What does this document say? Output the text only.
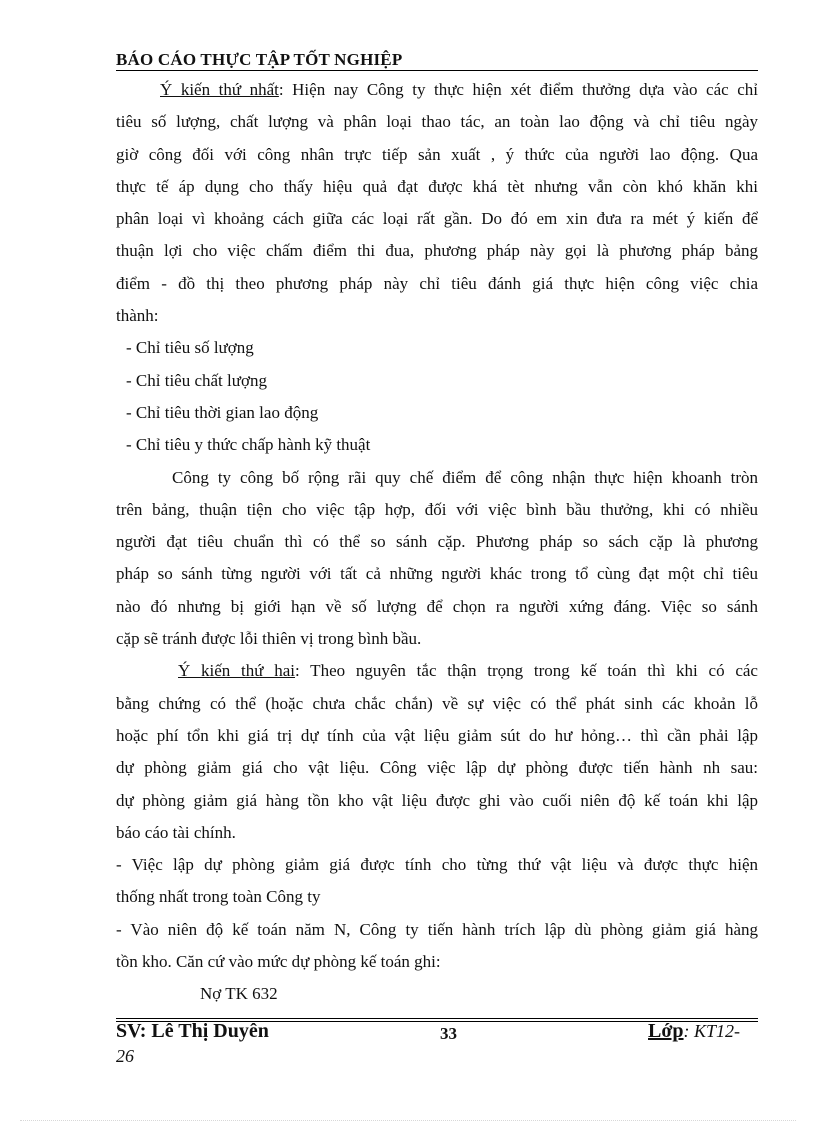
BÁO CÁO THỰC TẬP TỐT NGHIỆP
Ý kiến thứ nhất: Hiện nay Công ty thực hiện xét điểm thưởng dựa vào các chỉ
tiêu số lượng, chất lượng và phân loại thao tác, an toàn lao động và chỉ tiêu ngày
giờ công đối với công nhân trực tiếp sản xuất , ý thức của người lao động. Qua
thực tế áp dụng cho thấy hiệu quả đạt được khá tèt nhưng vẫn còn khó khăn khi
phân loại vì khoảng cách giữa các loại rất gần. Do đó em xin đưa ra mét ý kiến để
thuận lợi cho việc chấm điểm thi đua, phương pháp này gọi là phương pháp bảng
điểm - đồ thị theo phương pháp này chỉ tiêu đánh giá thực hiện công việc chia
thành:
- Chỉ tiêu số lượng
- Chỉ tiêu chất lượng
- Chỉ tiêu thời gian lao động
- Chỉ tiêu y thức chấp hành kỹ thuật
Công ty công bố rộng rãi quy chế điểm để công nhận thực hiện khoanh tròn
trên bảng, thuận tiện cho việc tập hợp, đối với việc bình bầu thưởng, khi có nhiều
người đạt tiêu chuẩn thì có thể so sánh cặp. Phương pháp so sách cặp là phương
pháp so sánh từng người với tất cả những người khác trong tổ cùng đạt một chỉ tiêu
nào đó nhưng bị giới hạn về số lượng để chọn ra người xứng đáng. Việc so sánh
cặp sẽ tránh được lỗi thiên vị trong bình bầu.
Ý kiến thứ hai: Theo nguyên tắc thận trọng trong kế toán thì khi có các
bằng chứng có thể (hoặc chưa chắc chắn) về sự việc có thể phát sinh các khoản lỗ
hoặc phí tổn khi giá trị dự tính của vật liệu giảm sút do hư hỏng… thì cần phải lập
dự phòng giảm giá cho vật liệu. Công việc lập dự phòng được tiến hành nh sau:
dự phòng giảm giá hàng tồn kho vật liệu được ghi vào cuối niên độ kế toán khi lập
báo cáo tài chính.
- Việc lập dự phòng giảm giá được tính cho từng thứ vật liệu và được thực hiện
thống nhất trong toàn Công ty
- Vào niên độ kế toán năm N, Công ty tiến hành trích lập dù phòng giảm giá hàng
tồn kho. Căn cứ vào mức dự phòng kế toán ghi:
Nợ TK 632
SV: Lê Thị Duyên	33	Lớp: KT12-
26
